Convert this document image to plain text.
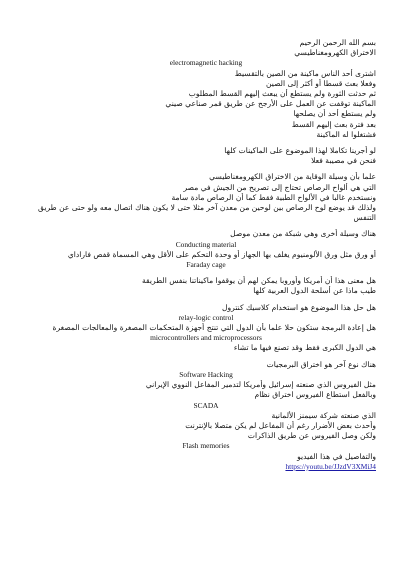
بسم الله الرحمن الرحيم
الاختراق الكهرومغناطيسي
electromagnetic hacking
اشترى أحد الناس ماكينة من الصين بالتقسيط
وفعلا بعث قسطا أو أكثر إلى الصين
ثم حدثت الثورة ولم يستطع أن يبعث إليهم القسط المطلوب
الماكينة توقفت عن العمل على الأرجح عن طريق قمر صناعي صيني
ولم يستطع أحد أن يصلحها
بعد فترة بعث إليهم القسط
فشتغلوا له الماكينة
لو أجرينا تكاملا لهذا الموضوع على الماكينات كلها
فنحن في مصيبة فعلا
علما بأن وسيلة الوقاية من الاختراق الكهرومغناطيسي
التي هي ألواح الرصاص تحتاج إلى تصريح من الجيش في مصر
ونستخدم غالبا في الألواح الطبية فقط كما أن الرصاص مادة سامة
ولذلك قد يوضع لوح الرصاص بين لوحين من معدن آخر مثلا حتى لا يكون هناك اتصال معه ولو حتى عن طريق التنفس
هناك وسيلة أخرى وهي شبكة من معدن موصل
Conducting material
أو ورق مثل ورق الألومنيوم يغلف بها الجهاز أو وحدة التحكم على الأقل وهي المسماة قفص فاراداي
Faraday cage
هل معنى هذا أن أمريكا وأوروبا يمكن لهم أن يوقفوا ماكيناتنا بنفس الطريقة
طيب ماذا عن أسلحة الدول العربية كلها
هل حل هذا الموضوع هو استخدام كلاسيك كنترول
relay-logic control
هل إعادة البرمجة ستكون حلا علما بأن الدول التي تنتج أجهزة المتحكمات المصغرة والمعالجات المصغرة
microcontrollers and microprocessors
هي الدول الكبرى فقط وقد تصنع فيها ما تشاء
هناك نوع آخر هو اختراق البرمجيات
Software Hacking
مثل الفيروس الذي صنعته إسرائيل وأمريكا لتدمير المفاعل النووي الإيراني
وبالفعل استطاع الفيروس اختراق نظام
SCADA
الذي صنعته شركة سيمنز الألمانية
وأحدث بعض الأضرار رغم أن المفاعل لم يكن متصلا بالإنترنت
ولكن وصل الفيروس عن طريق الذاكرات
Flash memories
والتفاصيل في هذا الفيديو
https://youtu.be/JJzdV3XMiJ4
